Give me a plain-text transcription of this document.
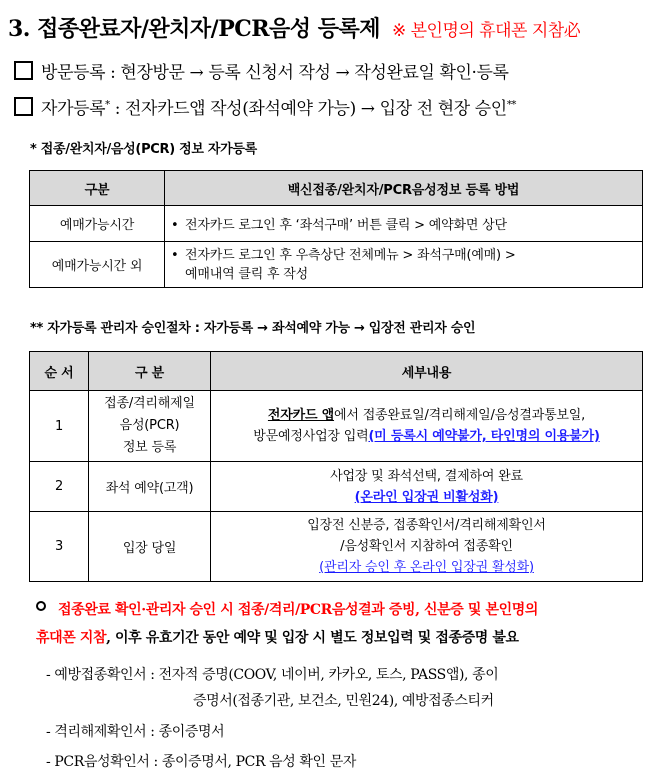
3. 접종완료자/완치자/PCR음성 등록제 ※ 본인명의 휴대폰 지참必
방문등록 : 현장방문 → 등록 신청서 작성 → 작성완료일 확인·등록
자가등록* : 전자카드앱 작성(좌석예약 가능) → 입장 전 현장 승인**
* 접종/완치자/음성(PCR) 정보 자가등록
구분	백신접종/완치자/PCR음성정보 등록 방법
예매가능시간	• 전자카드 로그인 후 ‘좌석구매’ 버튼 클릭 > 예약화면 상단
예매가능시간 외	• 전자카드 로그인 후 우측상단 전체메뉴 > 좌석구매(예매) >
예매내역 클릭 후 작성
** 자가등록 관리자 승인절차 : 자가등록 → 좌석예약 가능 → 입장전 관리자 승인
순 서	구 분	세부내용
1	접종/격리해제일
음성(PCR)
정보 등록	전자카드 앱에서 접종완료일/격리해제일/음성결과통보일,
방문예정사업장 입력(미 등록시 예약불가, 타인명의 이용불가)
2	좌석 예약(고객)	사업장 및 좌석선택, 결제하여 완료
(온라인 입장권 비활성화)
3	입장 당일	입장전 신분증, 접종확인서/격리해제확인서
/음성확인서 지참하여 접종확인
(관리자 승인 후 온라인 입장권 활성화)
접종완료 확인·관리자 승인 시 접종/격리/PCR음성결과 증빙, 신분증 및 본인명의
휴대폰 지참, 이후 유효기간 동안 예약 및 입장 시 별도 정보입력 및 접종증명 불요
- 예방접종확인서 : 전자적 증명(COOV, 네이버, 카카오, 토스, PASS앱), 종이
증명서(접종기관, 보건소, 민원24), 예방접종스티커
- 격리해제확인서 : 종이증명서
- PCR음성확인서 : 종이증명서, PCR 음성 확인 문자
